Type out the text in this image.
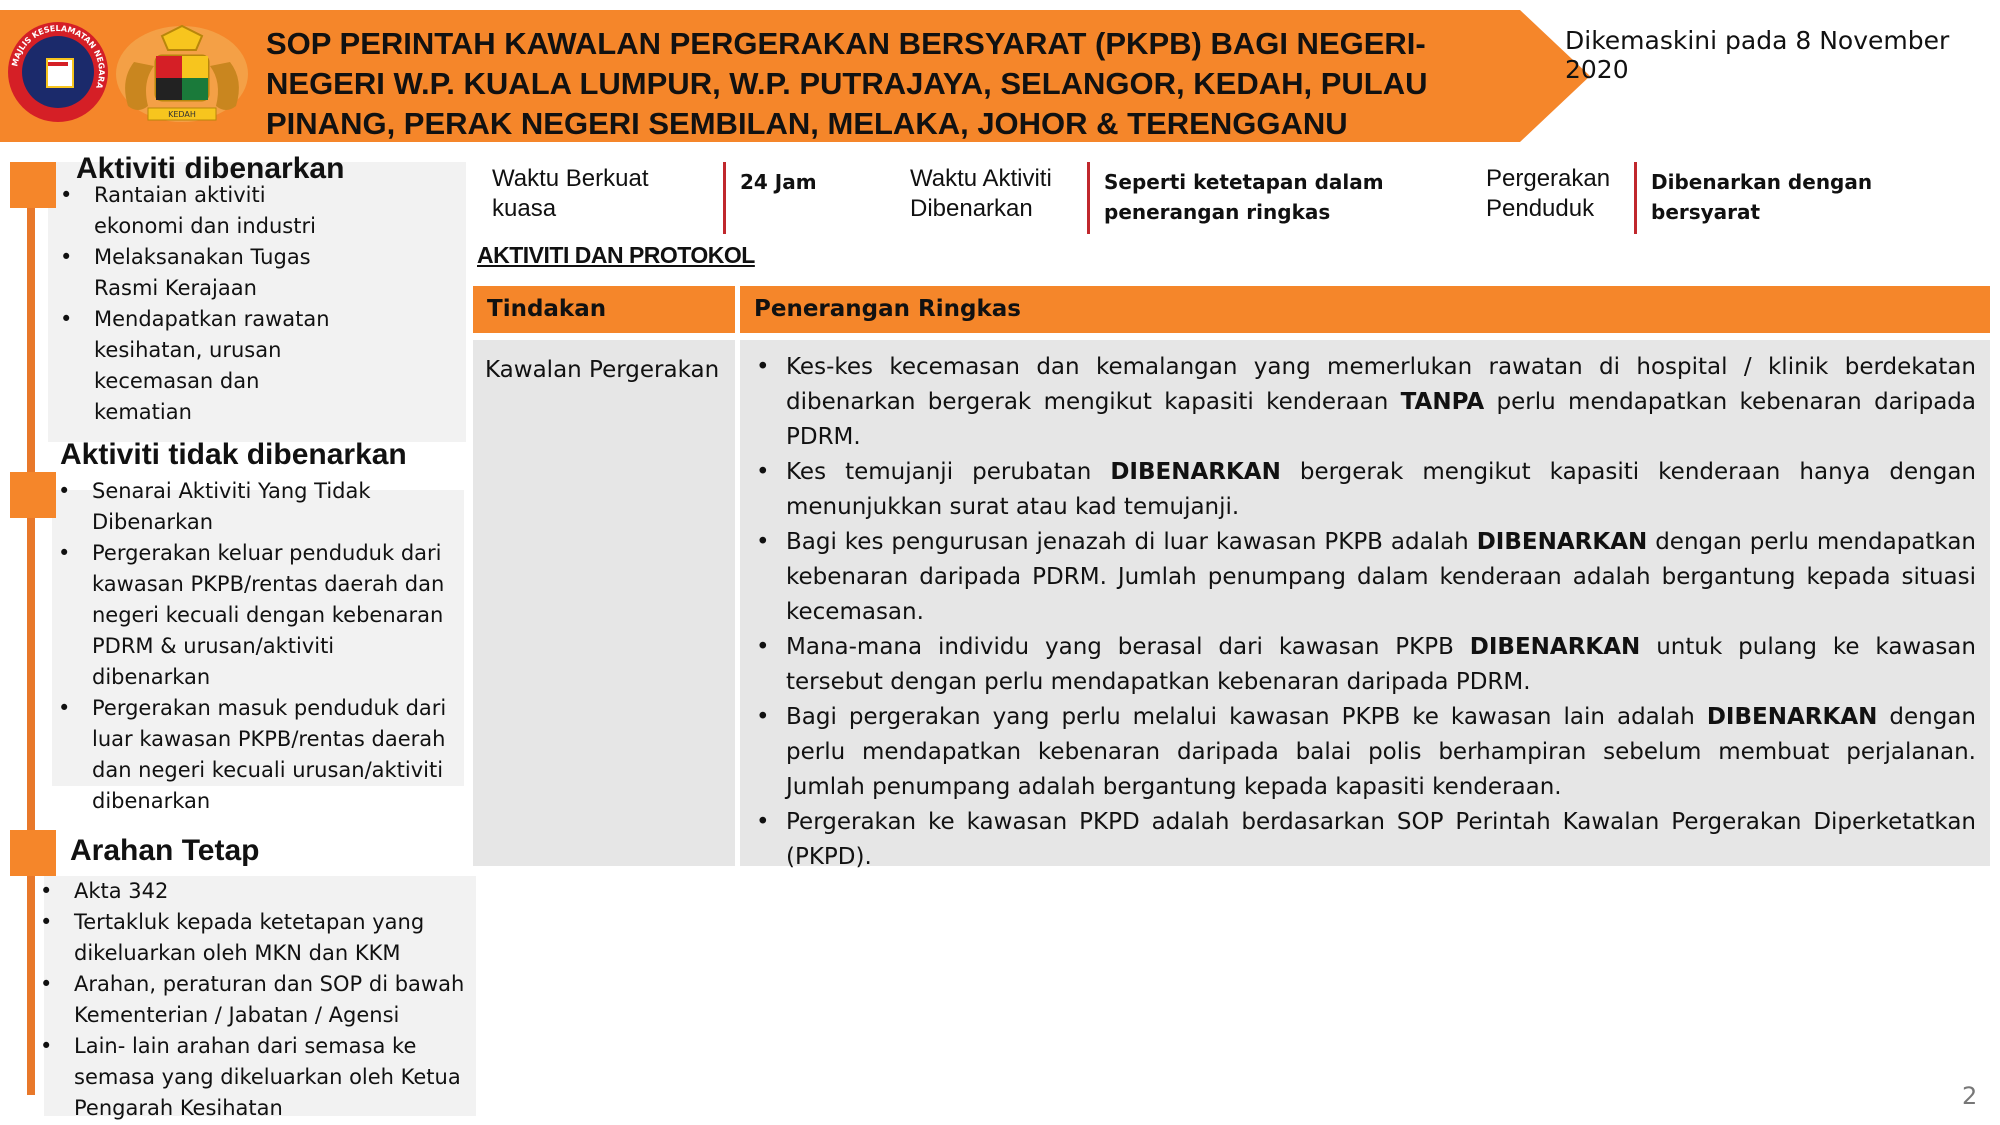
MAJLIS KESELAMATAN NEGARA
KEDAH
SOP PERINTAH KAWALAN PERGERAKAN BERSYARAT (PKPB) BAGI NEGERI-
NEGERI W.P. KUALA LUMPUR, W.P. PUTRAJAYA, SELANGOR, KEDAH, PULAU
PINANG, PERAK NEGERI SEMBILAN, MELAKA, JOHOR & TERENGGANU
Dikemaskini pada 8 November 2020
Aktiviti dibenarkan
• Rantaian aktiviti ekonomi dan industri
• Melaksanakan Tugas Rasmi Kerajaan
• Mendapatkan rawatan kesihatan, urusan kecemasan dan kematian
Aktiviti tidak dibenarkan
• Senarai Aktiviti Yang Tidak Dibenarkan
• Pergerakan keluar penduduk dari kawasan PKPB/rentas daerah dan negeri kecuali dengan kebenaran PDRM & urusan/aktiviti dibenarkan
• Pergerakan masuk penduduk dari luar kawasan PKPB/rentas daerah dan negeri kecuali urusan/aktiviti dibenarkan
Arahan Tetap
• Akta 342
• Tertakluk kepada ketetapan yang dikeluarkan oleh MKN dan KKM
• Arahan, peraturan dan SOP di bawah Kementerian / Jabatan / Agensi
• Lain- lain arahan dari semasa ke semasa yang dikeluarkan oleh Ketua Pengarah Kesihatan
Waktu Berkuat kuasa
24 Jam	Waktu Aktiviti Dibenarkan
Seperti ketetapan dalam penerangan ringkas
Pergerakan Penduduk
Dibenarkan dengan bersyarat
AKTIVITI DAN PROTOKOL
Tindakan	Penerangan Ringkas
Kawalan Pergerakan
•	Kes-kes kecemasan dan kemalangan yang memerlukan rawatan di hospital / klinik berdekatan dibenarkan bergerak mengikut kapasiti kenderaan TANPA perlu mendapatkan kebenaran daripada PDRM.
• Kes temujanji perubatan DIBENARKAN bergerak mengikut kapasiti kenderaan hanya dengan menunjukkan surat atau kad temujanji.
• Bagi kes pengurusan jenazah di luar kawasan PKPB adalah DIBENARKAN dengan perlu mendapatkan kebenaran daripada PDRM. Jumlah penumpang dalam kenderaan adalah bergantung kepada situasi kecemasan.
• Mana-mana individu yang berasal dari kawasan PKPB DIBENARKAN untuk pulang ke kawasan tersebut dengan perlu mendapatkan kebenaran daripada PDRM.
• Bagi pergerakan yang perlu melalui kawasan PKPB ke kawasan lain adalah DIBENARKAN dengan perlu mendapatkan kebenaran daripada balai polis berhampiran sebelum membuat perjalanan. Jumlah penumpang adalah bergantung kepada kapasiti kenderaan.
• Pergerakan ke kawasan PKPD adalah berdasarkan SOP Perintah Kawalan Pergerakan Diperketatkan (PKPD).
2
